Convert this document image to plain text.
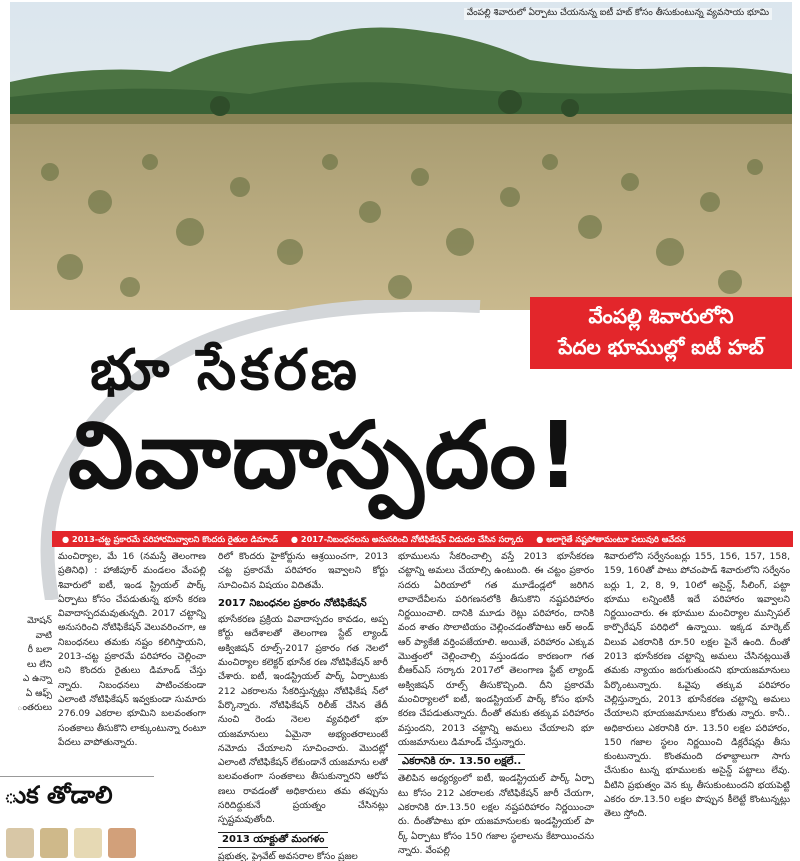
వేంపల్లి శివారులో ఏర్పాటు చేయనున్న ఐటీ హబ్ కోసం తీసుకుంటున్న వ్యవసాయ భూమి
వేంపల్లి శివారులోని
పేదల భూముల్లో ఐటీ హబ్
భూ సేకరణ
వివాదాస్పదం!
● 2013-చట్ట ప్రకారమే పరిహారమివ్వాలని కొందరు రైతుల డిమాండ్ ● 2017-నిబంధనలను అనుసరించి నోటిఫికేషన్ విడుదల చేసిన సర్కారు ● అలాగైతే నష్టపోతామంటూ పలువురి ఆవేదన
మోషన్
వాటి
రీ బలా
లు లేని
ఎ ఉన్నా
ఏ ఆఫ్స్
ంతరులు
ుక తోడాలి

మంచిర్యాల, మే 16 (నమస్తే తెలంగాణ ప్రతినిధి) : హాజీపూర్ మండలం వేంపల్లి శివారులో ఐటీ, ఇండ స్ట్రియల్ పార్క్ ఏర్పాటు కోసం చేపడుతున్న భూసే కరణ వివాదాస్పదమవుతున్నది. 2017 చట్టాన్ని అనుసరించి నోటిఫికేషన్ వెలువరించగా, ఆ నిబంధనలు తమకు నష్టం కలిగిస్తాయని, 2013-చట్ట ప్రకారమే పరిహారం చెల్లించా లని కొందరు రైతులు డిమాండ్ చేస్తు న్నారు. నిబంధనలు పాటించకుండా ఎలాంటి నోటిఫికేషన్ ఇవ్వకుండా సుమారు 276.09 ఎకరాల భూమిని బలవంతంగా సంతకాలు తీసుకొని లాక్కుంటున్నా రంటూ పేదలు వాపోతున్నారు.

రిలో కొందరు హైకోర్టును ఆశ్రయించగా, 2013 చట్ట ప్రకారమే పరిహారం ఇవ్వాలని కోర్టు సూచించిన విషయం విదితమే.

2017 నిబంధనల ప్రకారం నోటిఫికేషన్

భూసేకరణ ప్రక్రియ వివాదాస్పదం కావడం, అప్ప కోర్టు ఆదేశాలతో తెలంగాణ స్టేట్ ల్యాండ్ అక్విజిషన్ రూల్స్-2017 ప్రకారం గత నెలలో మంచిర్యాల కలెక్టర్ భూసేక రణ నోటిఫికేషన్ జారీ చేశారు. ఐటీ, ఇండస్ట్రియల్ పార్క్ ఏర్పాటుకు 212 ఎకరాలను సేకరిస్తున్నట్లు నోటిఫికేష న్‌లో పేర్కొన్నారు. నోటిఫికేషన్ రిలీజ్ చేసిన తేదీ నుంచి రెండు నెలల వ్యవధిలో భూ యజమానులు ఏమైనా అభ్యంతరాలుంటే నమోదు చేయాలని సూచించారు. మొదట్లో ఎలాంటి నోటిఫికేషన్ లేకుండానే యజమాను లతో బలవంతంగా సంతకాలు తీసుకున్నారని ఆరోప ణలు రావడంతో అధికారులు తమ తప్పును సరిదిద్దుకునే ప్రయత్నం చేసినట్లు స్పష్టమవుతోంది.

2013 యాక్టుతో మంగళం

ప్రభుత్వ, ప్రైవేట్ అవసరాల కోసం ప్రజల

భూములను సేకరించాల్సి వస్తే 2013 భూసేకరణ చట్టాన్ని అమలు చేయాల్సి ఉంటుంది. ఈ చట్టం ప్రకారం సదరు ఏరియాలో గత మూడేండ్లలో జరిగిన లావాదేవీలను పరిగణనలోకి తీసుకొని నష్టపరిహారం నిర్ణయించాలి. దానికి మూడు రెట్లు పరిహారం, దానికి వంద శాతం సొలాటియం చెల్లించడంతోపాటు ఆర్ అండ్ ఆర్ ప్యాకేజీ వర్తింపజేయాలి. అయితే, పరిహారం ఎక్కువ మొత్తంలో చెల్లించాల్సి వస్తుండడం కారణంగా గత బీఆర్ఎస్ సర్కారు 2017లో తెలంగాణ స్టేట్ ల్యాండ్ అక్విజిషన్ రూల్స్ తీసుకొచ్చింది. దీని ప్రకారమే మంచిర్యాలలో ఐటీ, ఇండస్ట్రియల్ పార్క్ కోసం భూసే కరణ చేపడుతున్నారు. దీంతో తమకు తక్కువ పరిహారం వస్తుందని, 2013 చట్టాన్ని అమలు చేయాలని భూ యజమానులు డిమాండ్ చేస్తున్నారు.

ఎకరానికి రూ. 13.50 లక్షలే..

తెలిపిన అధ్యర్యంలో ఐటీ, ఇండస్ట్రియల్ పార్క్ ఏర్పా టు కోసం 212 ఎకరాలకు నోటిఫికేషన్ జారీ చేయగా, ఎకరానికి రూ.13.50 లక్షల నష్టపరిహారం నిర్ణయించా రు. దీంతోపాటు భూ యజమానులకు ఇండస్ట్రియల్ పా ర్క్ ఏర్పాటు కోసం 150 గజాల స్థలాలను కేటాయించను న్నారు. వేంపల్లి

శివారులోని సర్వేనంబర్లు 155, 156, 157, 158, 159, 160తో పాటు పోచంపాడ్ శివారులోని సర్వేనం బర్లు 1, 2, 8, 9, 10లో అసైన్డ్, సీలింగ్, పట్టా భూము లన్నింటికీ ఇదే పరిహారం ఇవ్వాలని నిర్ణయించారు. ఈ భూముల మంచిర్యాల మున్సిపల్ కార్పొరేషన్ పరిధిలో ఉన్నాయి. ఇక్కడ మార్కెట్ విలువ ఎకరానికి రూ.50 లక్షల పైనే ఉంది. దీంతో 2013 భూసేకరణ చట్టాన్ని అమలు చేసినట్లయితే తమకు న్యాయం జరుగుతుందని భూయజమానులు పేర్కొంటున్నారు. ఓవైపు తక్కువ పరిహారం చెల్లిస్తున్నారు, 2013 భూసేకరణ చట్టాన్ని అమలు చేయాలని భూయజమానులు కోరుతు న్నారు. కానీ.. అధికారులు ఎకరానికి రూ. 13.50 లక్షల పరిహారం, 150 గజాల స్థలం నిర్ణయించి డిక్లరేషన్లు తీసు కుంటున్నారు. కొంతమంది దళాబ్దాలుగా సాగు చేసుకుం టున్న భూములకు అసైన్డ్ పట్టాలు లేవు. వీటిని ప్రభుత్వం వెన క్కు తీసుకుంటుందని భయపెట్టి ఎకరం రూ.13.50 లక్షల పొప్పున కీలెట్టే కొంటున్నట్లు తెలు స్తోంది.
